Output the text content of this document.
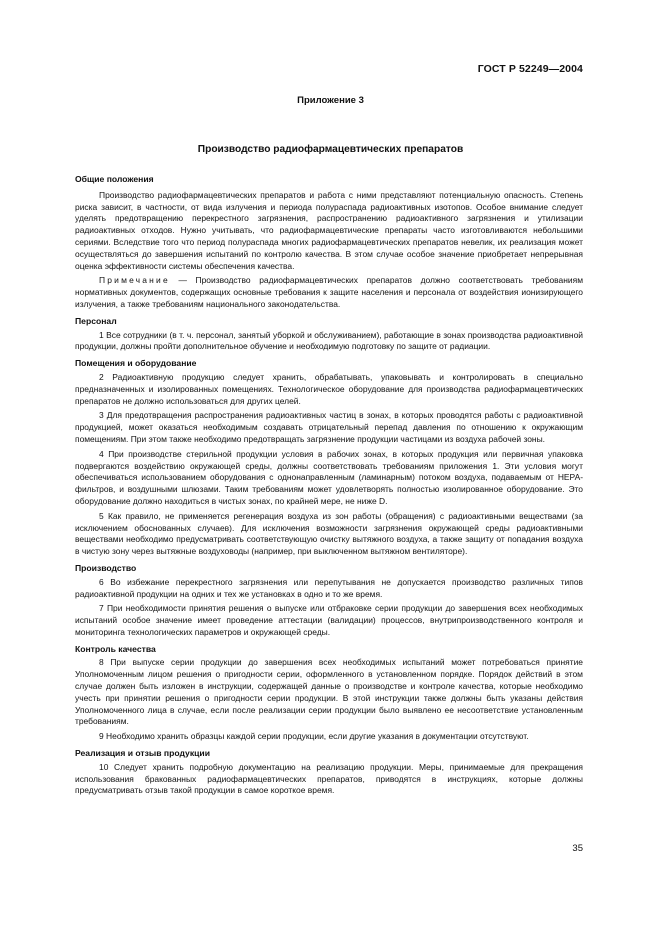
ГОСТ Р 52249—2004
Приложение 3
Производство радиофармацевтических препаратов
Общие положения

Производство радиофармацевтических препаратов и работа с ними представляют потенциальную опасность. Степень риска зависит, в частности, от вида излучения и периода полураспада радиоактивных изотопов. Особое внимание следует уделять предотвращению перекрестного загрязнения, распространению радиоактивного загрязнения и утилизации радиоактивных отходов. Нужно учитывать, что радиофармацевтические препараты часто изготовливаются небольшими сериями. Вследствие того что период полураспада многих радиофармацевтических препаратов невелик, их реализация может осуществляться до завершения испытаний по контролю качества. В этом случае особое значение приобретает непрерывная оценка эффективности системы обеспечения качества.

Примечание — Производство радиофармацевтических препаратов должно соответствовать требованиям нормативных документов, содержащих основные требования к защите населения и персонала от воздействия ионизирующего излучения, а также требованиям национального законодательства.

Персонал

1 Все сотрудники (в т. ч. персонал, занятый уборкой и обслуживанием), работающие в зонах производства радиоактивной продукции, должны пройти дополнительное обучение и необходимую подготовку по защите от радиации.

Помещения и оборудование

2 Радиоактивную продукцию следует хранить, обрабатывать, упаковывать и контролировать в специально предназначенных и изолированных помещениях. Технологическое оборудование для производства радиофармацевтических препаратов не должно использоваться для других целей.

3 Для предотвращения распространения радиоактивных частиц в зонах, в которых проводятся работы с радиоактивной продукцией, может оказаться необходимым создавать отрицательный перепад давления по отношению к окружающим помещениям. При этом также необходимо предотвращать загрязнение продукции частицами из воздуха рабочей зоны.

4 При производстве стерильной продукции условия в рабочих зонах, в которых продукция или первичная упаковка подвергаются воздействию окружающей среды, должны соответствовать требованиям приложения 1. Эти условия могут обеспечиваться использованием оборудования с однонаправленным (ламинарным) потоком воздуха, подаваемым от HEPA-фильтров, и воздушными шлюзами. Таким требованиям может удовлетворять полностью изолированное оборудование. Это оборудование должно находиться в чистых зонах, по крайней мере, не ниже D.

5 Как правило, не применяется регенерация воздуха из зон работы (обращения) с радиоактивными веществами (за исключением обоснованных случаев). Для исключения возможности загрязнения окружающей среды радиоактивными веществами необходимо предусматривать соответствующую очистку вытяжного воздуха, а также защиту от попадания воздуха в чистую зону через вытяжные воздуховоды (например, при выключенном вытяжном вентиляторе).

Производство

6 Во избежание перекрестного загрязнения или перепутывания не допускается производство различных типов радиоактивной продукции на одних и тех же установках в одно и то же время.

7 При необходимости принятия решения о выпуске или отбраковке серии продукции до завершения всех необходимых испытаний особое значение имеет проведение аттестации (валидации) процессов, внутрипроизводственного контроля и мониторинга технологических параметров и окружающей среды.

Контроль качества

8 При выпуске серии продукции до завершения всех необходимых испытаний может потребоваться принятие Уполномоченным лицом решения о пригодности серии, оформленного в установленном порядке. Порядок действий в этом случае должен быть изложен в инструкции, содержащей данные о производстве и контроле качества, которые необходимо учесть при принятии решения о пригодности серии продукции. В этой инструкции также должны быть указаны действия Уполномоченного лица в случае, если после реализации серии продукции было выявлено ее несоответствие установленным требованиям.

9 Необходимо хранить образцы каждой серии продукции, если другие указания в документации отсутствуют.

Реализация и отзыв продукции

10 Следует хранить подробную документацию на реализацию продукции. Меры, принимаемые для прекращения использования бракованных радиофармацевтических препаратов, приводятся в инструкциях, которые должны предусматривать отзыв такой продукции в самое короткое время.

35
